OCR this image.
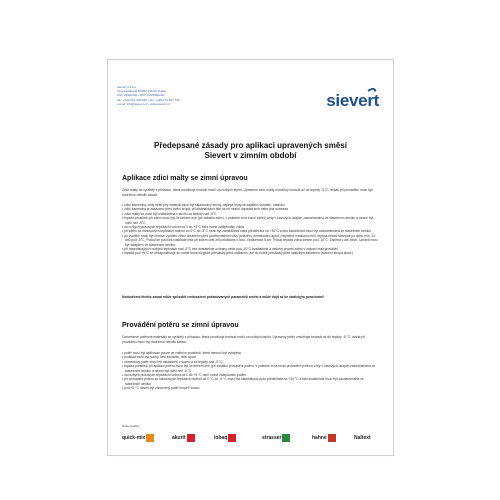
Sievert CZ a.s.
Vinohradská 112/2352 130 00 Praha
IČO: 25920200 • DIČ: CZ25920200
tel.: +420 272 102 930 • fax: +420 274 817 720
e-mail: info@sievert.cz • www.sievert.cz	sievert
Předepsané zásady pro aplikaci upravených směsí
Sievert v zimním období
Aplikace zdicí malty se zimní úpravou
Zdicí malty se vyrábějí s přísadou, která umožňuje tvrdnutí malt i za nízkých teplot. Upravené zdicí malty umožňují tvrdnutí až do teploty -5 °C, avšak při provádění musí být dodrženo několik zásad:
• zdicí kameniny, cihly nebo jiný materiál musí být skladovány suchy, nejlépe kryty se zajištění vyndání, oblastní
• zdicí kameniny je zakázáno před zdění kropit, při obdelávkach tiše na ně nesmí dopadat sníh nebo jiná námraza
• zdicí malty ke musí být uskladněna v suchu za teploty nad -5°C
• teplota prostředí při zdění musí být 3x během dne (při začátku zdění, v poledne a na konci zdění) vždy v časových údajích zaznamenána ve stavebním deníku a neomí být nižší než -5°C
• za nízkých plusových teplotách hodnot od 0 do +5°C není nutné zateplování zdiva
• při zdění za minusových teplotách hodnot od 0°C do -5°C musí být zámědková voda předehřátá na +30°C a teto skutečnost musí být zaznamenána ve stavebním deníku
• po vyzdění musí být čerstvé vyzdění zdivo chráněno před povětrnostními vlivy (sněžení, zmrazování apod.) nejméně mrakovou fólií, teplota nesmí klesnout po dobu min. 14 dnů pod -5°C. Pokud se pod fólii nasklade lesk při kolem celé zdi položkami v noci. Vzdálenost 5 cm. Pokud teplota zdiva klesne pod -10°C. Zajímat v ale zdivo. Upravit musí být zateplení ve stavebním deníku.
• při obsedávajících nízkých teplotách nad -5°C bez dostatečné ochrany nebo pod -10°C kvalitativně a celkový proces zdění v zdivání malt provádět
• teplota pod +5°C se nezapodělouje do nutné technologické přestávky před omítáním, ani do nutné přestávky před statickým zatížením (stavení stropu apod.)
Nedodržení těchto zásad může způsobit nedosažení požadovaných parametrů směsi a může dojít až ke statickým poruchám!!
Provádění potěru se zimní úpravou
Cementové potěrové materiály se vyrábějí s přísadou, která umožňuje tvrdnutí malt i za nízkých teplot. Upravený potěr umožňuje tvrdnutí až do teploty -5 °C, avšak při provádění musí být dodrženo několik zásad:
• potěr musí být aplikován pouze ve vnitřním prostředí, které nemusí být vytápěno
• podklad musí být suchý, bez zmrazku, ledu apod.
• cementový potěr musí být uskladněn v suchu a za teploty nad -5 °C
• teplota prostředí při aplikaci potěru musí být 3x během dne (při začátku provádění potěru, v poledne a na konci provádění potěru) vždy v časových údajích zaznamenána ve stavebním deníku a nesmí být nižší než -5 °C
• za nízkých plusových teplotách hodnot od 0 do +5 °C není nutné zateplování potěru
• při provádění potěru za minusových teplotách hodnot od 0 °C do -5 °C musí být zámědková voda předehřátá na +30 °C a tato skutečnost musí být zaznamenána ve stavebním deníku
• pod +5 °C nesmí být zhotovený potěr krupen vodou
Naše značky:
quick-mix	akurit	lobaq	strasser	hahne	Naltext
